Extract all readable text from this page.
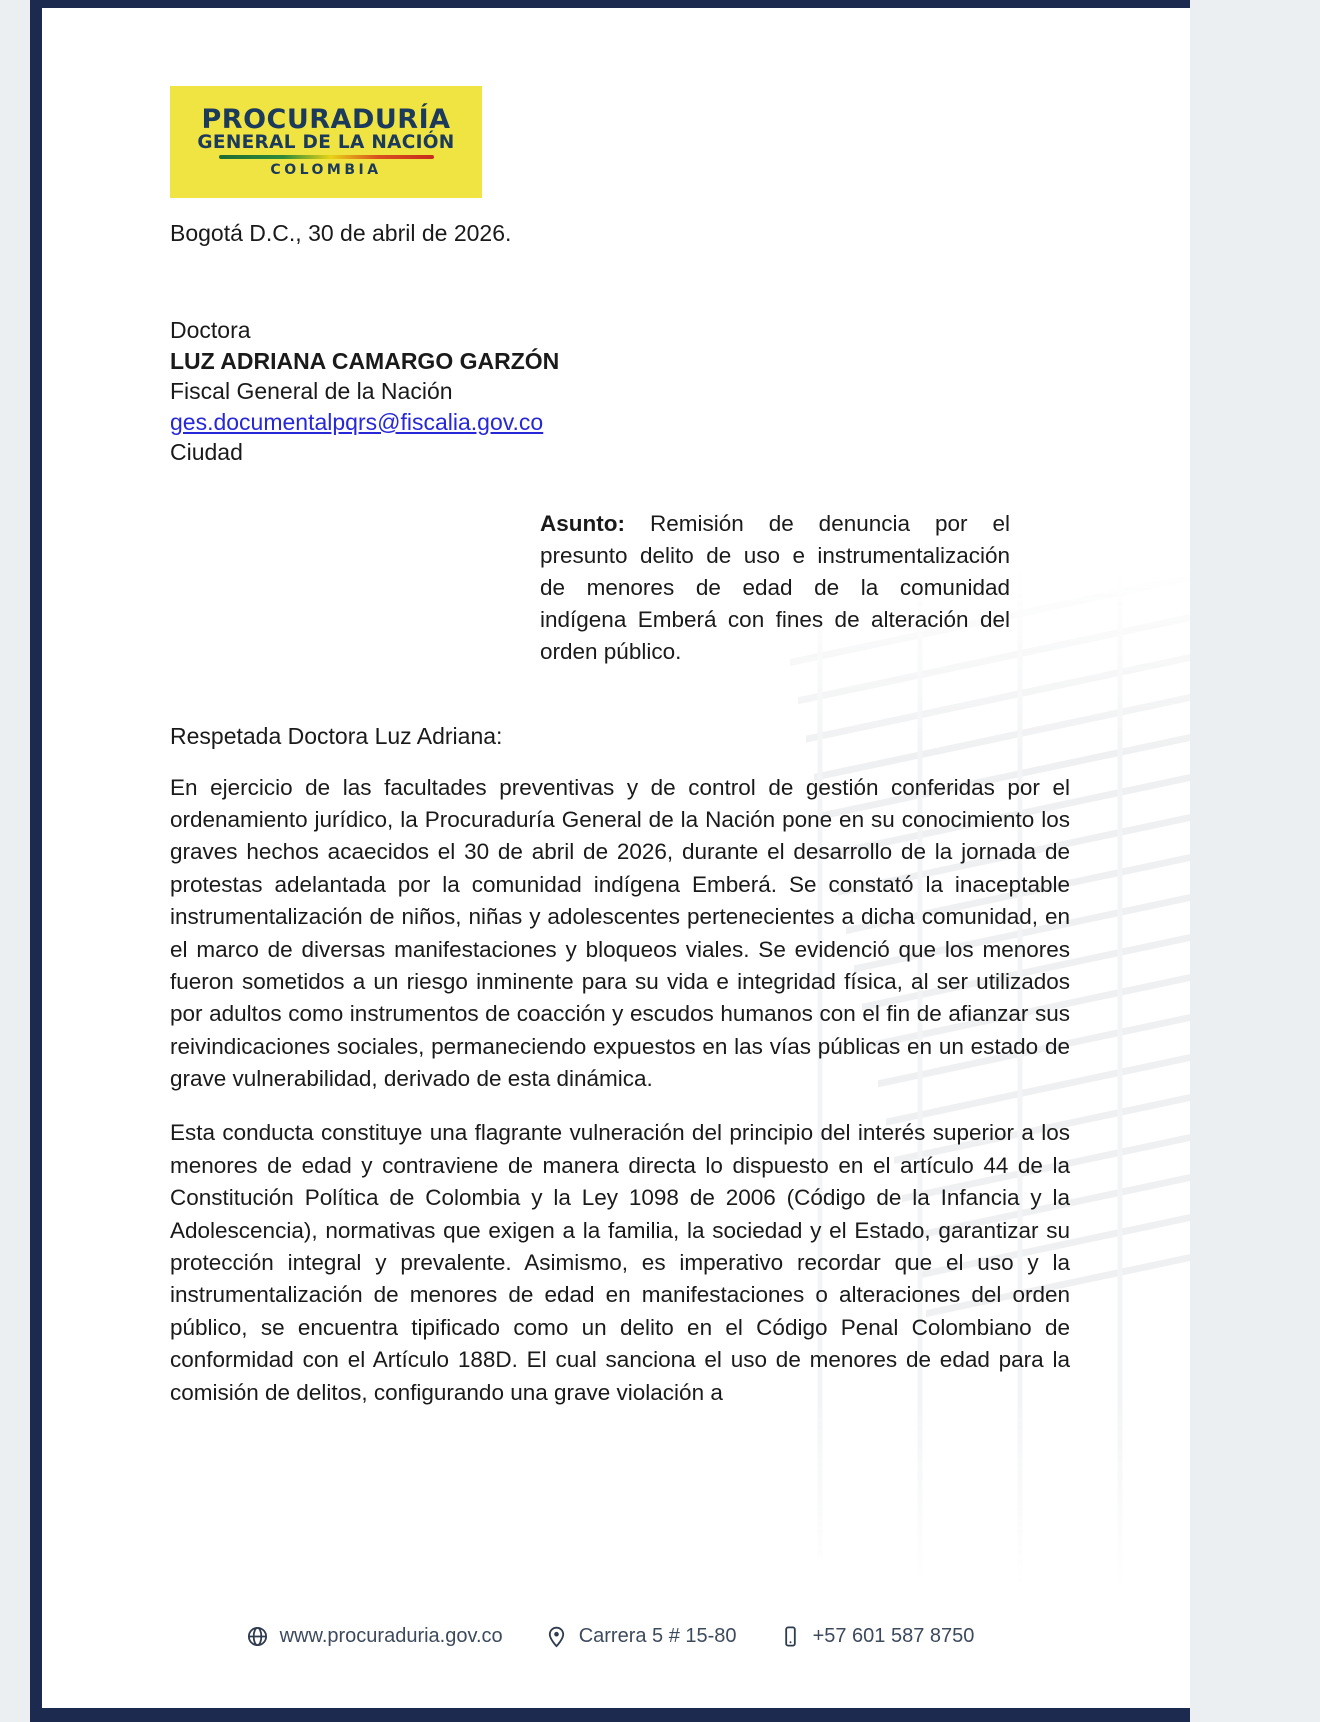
PROCURADURÍA
GENERAL DE LA NACIÓN
COLOMBIA
Bogotá D.C., 30 de abril de 2026.
Doctora
LUZ ADRIANA CAMARGO GARZÓN
Fiscal General de la Nación
ges.documentalpqrs@fiscalia.gov.co
Ciudad
Asunto: Remisión de denuncia por el presunto delito de uso e instrumentalización de menores de edad de la comunidad indígena Emberá con fines de alteración del orden público.
Respetada Doctora Luz Adriana:
En ejercicio de las facultades preventivas y de control de gestión conferidas por el ordenamiento jurídico, la Procuraduría General de la Nación pone en su conocimiento los graves hechos acaecidos el 30 de abril de 2026, durante el desarrollo de la jornada de protestas adelantada por la comunidad indígena Emberá. Se constató la inaceptable instrumentalización de niños, niñas y adolescentes pertenecientes a dicha comunidad, en el marco de diversas manifestaciones y bloqueos viales. Se evidenció que los menores fueron sometidos a un riesgo inminente para su vida e integridad física, al ser utilizados por adultos como instrumentos de coacción y escudos humanos con el fin de afianzar sus reivindicaciones sociales, permaneciendo expuestos en las vías públicas en un estado de grave vulnerabilidad, derivado de esta dinámica.
Esta conducta constituye una flagrante vulneración del principio del interés superior a los menores de edad y contraviene de manera directa lo dispuesto en el artículo 44 de la Constitución Política de Colombia y la Ley 1098 de 2006 (Código de la Infancia y la Adolescencia), normativas que exigen a la familia, la sociedad y el Estado, garantizar su protección integral y prevalente. Asimismo, es imperativo recordar que el uso y la instrumentalización de menores de edad en manifestaciones o alteraciones del orden público, se encuentra tipificado como un delito en el Código Penal Colombiano de conformidad con el Artículo 188D. El cual sanciona el uso de menores de edad para la comisión de delitos, configurando una grave violación a
www.procuraduria.gov.co	Carrera 5 # 15-80	+57 601 587 8750
